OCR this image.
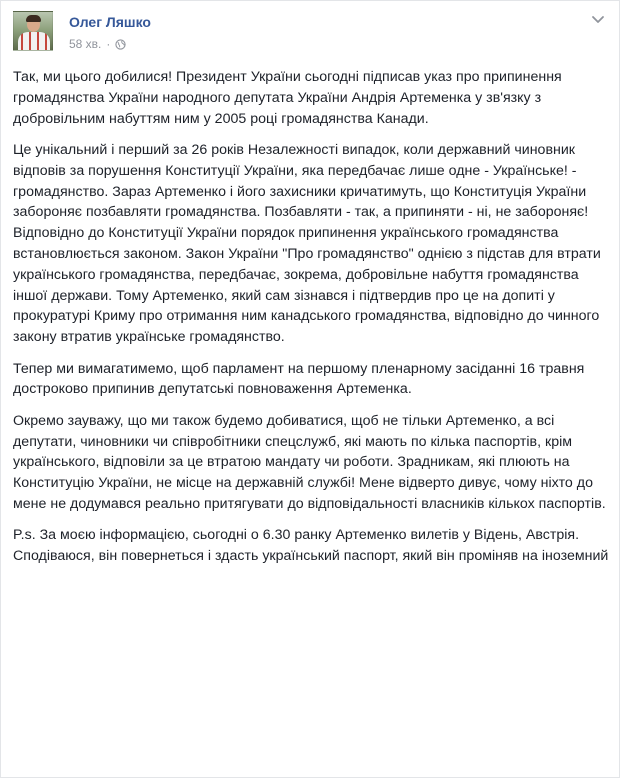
Олег Ляшко
58 хв. ·

Так, ми цього добилися! Президент України сьогодні підписав указ про припинення громадянства України народного депутата України Андрія Артеменка у зв'язку з добровільним набуттям ним у 2005 році громадянства Канади.

Це унікальний і перший за 26 років Незалежності випадок, коли державний чиновник відповів за порушення Конституції України, яка передбачає лише одне - Українське! - громадянство. Зараз Артеменко і його захисники кричатимуть, що Конституція України забороняє позбавляти громадянства. Позбавляти - так, а припиняти - ні, не забороняє! Відповідно до Конституції України порядок припинення українського громадянства встановлюється законом. Закон України "Про громадянство" однією з підстав для втрати українського громадянства, передбачає, зокрема, добровільне набуття громадянства іншої держави. Тому Артеменко, який сам зізнався і підтвердив про це на допиті у прокуратурі Криму про отримання ним канадського громадянства, відповідно до чинного закону втратив українське громадянство.

Тепер ми вимагатимемо, щоб парламент на першому пленарному засіданні 16 травня достроково припинив депутатські повноваження Артеменка.

Окремо зауважу, що ми також будемо добиватися, щоб не тільки Артеменко, а всі депутати, чиновники чи співробітники спецслужб, які мають по кілька паспортів, крім українського, відповіли за це втратою мандату чи роботи. Зрадникам, які плюють на Конституцію України, не місце на державній службі! Мене відверто дивує, чому ніхто до мене не додумався реально притягувати до відповідальності власників кількох паспортів.

P.s. За моєю інформацією, сьогодні о 6.30 ранку Артеменко вилетів у Відень, Австрія. Сподіваюся, він повернеться і здасть український паспорт, який він проміняв на іноземний
